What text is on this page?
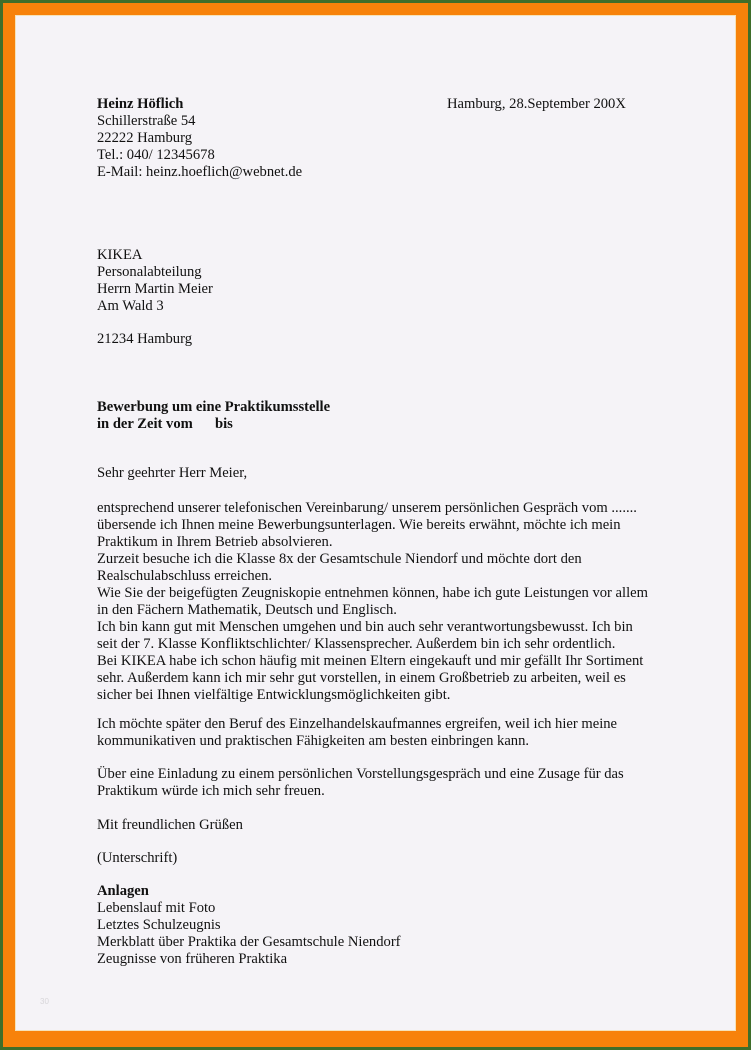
Heinz Höflich
Schillerstraße 54
22222 Hamburg
Tel.: 040/ 12345678
E-Mail: heinz.hoeflich@webnet.de
Hamburg, 28.September 200X
KIKEA
Personalabteilung
Herrn Martin Meier
Am Wald 3
21234 Hamburg
Bewerbung um eine Praktikumsstelle
in der Zeit vom bis
Sehr geehrter Herr Meier,
entsprechend unserer telefonischen Vereinbarung/ unserem persönlichen Gespräch vom .......
übersende ich Ihnen meine Bewerbungsunterlagen. Wie bereits erwähnt, möchte ich mein
Praktikum in Ihrem Betrieb absolvieren.
Zurzeit besuche ich die Klasse 8x der Gesamtschule Niendorf und möchte dort den
Realschulabschluss erreichen.
Wie Sie der beigefügten Zeugniskopie entnehmen können, habe ich gute Leistungen vor allem
in den Fächern Mathematik, Deutsch und Englisch.
Ich bin kann gut mit Menschen umgehen und bin auch sehr verantwortungsbewusst. Ich bin
seit der 7. Klasse Konfliktschlichter/ Klassensprecher. Außerdem bin ich sehr ordentlich.
Bei KIKEA habe ich schon häufig mit meinen Eltern eingekauft und mir gefällt Ihr Sortiment
sehr. Außerdem kann ich mir sehr gut vorstellen, in einem Großbetrieb zu arbeiten, weil es
sicher bei Ihnen vielfältige Entwicklungsmöglichkeiten gibt.
Ich möchte später den Beruf des Einzelhandelskaufmannes ergreifen, weil ich hier meine
kommunikativen und praktischen Fähigkeiten am besten einbringen kann.
Über eine Einladung zu einem persönlichen Vorstellungsgespräch und eine Zusage für das
Praktikum würde ich mich sehr freuen.
Mit freundlichen Grüßen
(Unterschrift)
Anlagen
Lebenslauf mit Foto
Letztes Schulzeugnis
Merkblatt über Praktika der Gesamtschule Niendorf
Zeugnisse von früheren Praktika
30
